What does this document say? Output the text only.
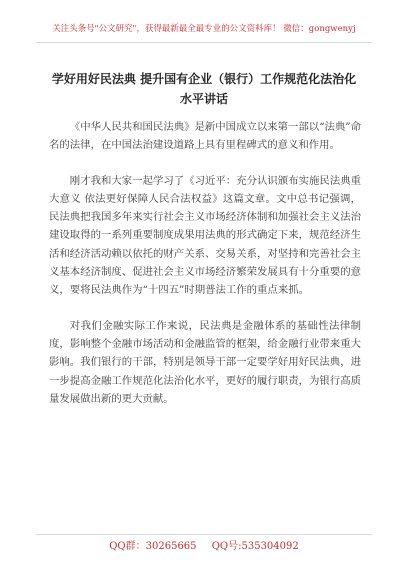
关注头条号"公文研究"，获得最新最全最专业的公文资料库！ 微信：gongwenyj
学好用好民法典 提升国有企业（银行）工作规范化法治化
水平讲话

《中华人民共和国民法典》是新中国成立以来第一部以“法典”命名的法律，在中国法治建设道路上具有里程碑式的意义和作用。

刚才我和大家一起学习了《习近平：充分认识颁布实施民法典重大意义 依法更好保障人民合法权益》这篇文章。文中总书记强调，民法典把我国多年来实行社会主义市场经济体制和加强社会主义法治建设取得的一系列重要制度成果用法典的形式确定下来，规范经济生活和经济活动赖以依托的财产关系、交易关系，对坚持和完善社会主义基本经济制度、促进社会主义市场经济繁荣发展具有十分重要的意义，要将民法典作为“十四五”时期普法工作的重点来抓。

对我们金融实际工作来说，民法典是金融体系的基础性法律制度，影响整个金融市场活动和金融监管的框架，给金融行业带来重大影响。我们银行的干部，特别是领导干部一定要学好用好民法典，进一步提高金融工作规范化法治化水平，更好的履行职责，为银行高质量发展做出新的更大贡献。

QQ群：30265665 QQ号:535304092
